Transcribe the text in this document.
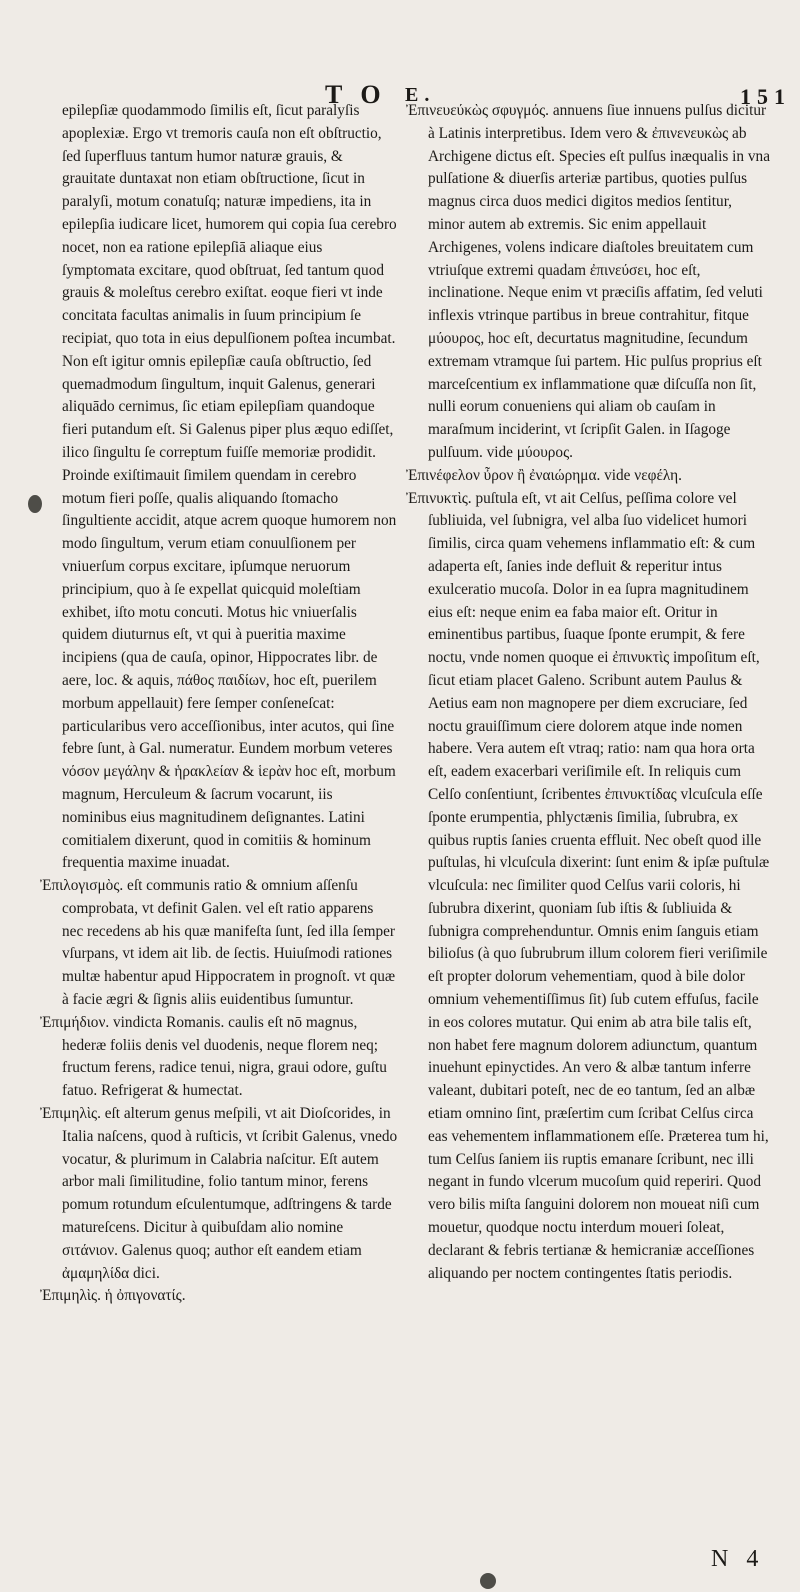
T O E.	151

epilepſiæ quodammodo ſimilis eſt, ſicut paralyſis apoplexiæ. Ergo vt tremoris cauſa non eſt obſtructio, ſed ſuperfluus tantum humor naturæ grauis, & grauitate duntaxat non etiam obſtructione, ſicut in paralyſi, motum conatuſq; naturæ impediens, ita in epilepſia iudicare licet, humorem qui copia ſua cerebro nocet, non ea ratione epilepſiā aliaque eius ſymptomata excitare, quod obſtruat, ſed tantum quod grauis & moleſtus cerebro exiſtat. eoque fieri vt inde concitata facultas animalis in ſuum principium ſe recipiat, quo tota in eius depulſionem poſtea incumbat. Non eſt igitur omnis epilepſiæ cauſa obſtructio, ſed quemadmodum ſingultum, inquit Galenus, generari aliquādo cernimus, ſic etiam epilepſiam quandoque fieri putandum eſt. Si Galenus piper plus æquo ediſſet, ilico ſingultu ſe correptum fuiſſe memoriæ prodidit. Proinde exiſtimauit ſimilem quendam in cerebro motum fieri poſſe, qualis aliquando ſtomacho ſingultiente accidit, atque acrem quoque humorem non modo ſingultum, verum etiam conuulſionem per vniuerſum corpus excitare, ipſumque neruorum principium, quo à ſe expellat quicquid moleſtiam exhibet, iſto motu concuti. Motus hic vniuerſalis quidem diuturnus eſt, vt qui à pueritia maxime incipiens (qua de cauſa, opinor, Hippocrates libr. de aere, loc. & aquis, πάθος παιδίων, hoc eſt, puerilem morbum appellauit) fere ſemper conſeneſcat: particularibus vero acceſſionibus, inter acutos, qui ſine febre ſunt, à Gal. numeratur. Eundem morbum veteres νόσον μεγάλην & ἡρακλείαν & ἱερὰν hoc eſt, morbum magnum, Herculeum & ſacrum vocarunt, iis nominibus eius magnitudinem deſignantes. Latini comitialem dixerunt, quod in comitiis & hominum frequentia maxime inuadat.

Ἐπιλογισμὸς. eſt communis ratio & omnium aſſenſu comprobata, vt definit Galen. vel eſt ratio apparens nec recedens ab his quæ manifeſta ſunt, ſed illa ſemper vſurpans, vt idem ait lib. de ſectis. Huiuſmodi rationes multæ habentur apud Hippocratem in prognoſt. vt quæ à facie ægri & ſignis aliis euidentibus ſumuntur.

Ἐπιμήδιον. vindicta Romanis. caulis eſt nō magnus, hederæ foliis denis vel duodenis, neque florem neq; fructum ferens, radice tenui, nigra, graui odore, guſtu fatuo. Refrigerat & humectat.

Ἐπιμηλὶς. eſt alterum genus meſpili, vt ait Dioſcorides, in Italia naſcens, quod à ruſticis, vt ſcribit Galenus, vnedo vocatur, & plurimum in Calabria naſcitur. Eſt autem arbor mali ſimilitudine, folio tantum minor, ferens pomum rotundum eſculentumque, adſtringens & tarde matureſcens. Dicitur à quibuſdam alio nomine σιτάνιον. Galenus quoq; author eſt eandem etiam ἀμαμηλίδα dici.

Ἐπιμηλὶς. ἡ ὀπιγονατίς.

Ἐπινευεύκὼς σφυγμός. annuens ſiue innuens pulſus dicitur à Latinis interpretibus. Idem vero & ἐπινενευκὼς ab Archigene dictus eſt. Species eſt pulſus inæqualis in vna pulſatione & diuerſis arteriæ partibus, quoties pulſus magnus circa duos medici digitos medios ſentitur, minor autem ab extremis. Sic enim appellauit Archigenes, volens indicare diaſtoles breuitatem cum vtriuſque extremi quadam ἐπινεύσει, hoc eſt, inclinatione. Neque enim vt præciſis affatim, ſed veluti inflexis vtrinque partibus in breue contrahitur, fitque μύουρος, hoc eſt, decurtatus magnitudine, ſecundum extremam vtramque ſui partem. Hic pulſus proprius eſt marceſcentium ex inflammatione quæ diſcuſſa non ſit, nulli eorum conueniens qui aliam ob cauſam in maraſmum inciderint, vt ſcripſit Galen. in Iſagoge pulſuum. vide μύουρος.

Ἐπινέφελον ὖρον ἢ ἐναιώρημα. vide νεφέλη.

Ἐπινυκτὶς. puſtula eſt, vt ait Celſus, peſſima colore vel ſubliuida, vel ſubnigra, vel alba ſuo videlicet humori ſimilis, circa quam vehemens inflammatio eſt: & cum adaperta eſt, ſanies inde defluit & reperitur intus exulceratio mucoſa. Dolor in ea ſupra magnitudinem eius eſt: neque enim ea faba maior eſt. Oritur in eminentibus partibus, ſuaque ſponte erumpit, & fere noctu, vnde nomen quoque ei ἐπινυκτὶς impoſitum eſt, ſicut etiam placet Galeno. Scribunt autem Paulus & Aetius eam non magnopere per diem excruciare, ſed noctu grauiſſimum ciere dolorem atque inde nomen habere. Vera autem eſt vtraq; ratio: nam qua hora orta eſt, eadem exacerbari veriſimile eſt. In reliquis cum Celſo conſentiunt, ſcribentes ἐπινυκτίδας vlcuſcula eſſe ſponte erumpentia, phlyctænis ſimilia, ſubrubra, ex quibus ruptis ſanies cruenta effluit. Nec obeſt quod ille puſtulas, hi vlcuſcula dixerint: ſunt enim & ipſæ puſtulæ vlcuſcula: nec ſimiliter quod Celſus varii coloris, hi ſubrubra dixerint, quoniam ſub iſtis & ſubliuida & ſubnigra comprehenduntur. Omnis enim ſanguis etiam bilioſus (à quo ſubrubrum illum colorem fieri veriſimile eſt propter dolorum vehementiam, quod à bile dolor omnium vehementiſſimus ſit) ſub cutem effuſus, facile in eos colores mutatur. Qui enim ab atra bile talis eſt, non habet fere magnum dolorem adiunctum, quantum inuehunt epinyctides. An vero & albæ tantum inferre valeant, dubitari poteſt, nec de eo tantum, ſed an albæ etiam omnino ſint, præſertim cum ſcribat Celſus circa eas vehementem inflammationem eſſe. Præterea tum hi, tum Celſus ſaniem iis ruptis emanare ſcribunt, nec illi negant in fundo vlcerum mucoſum quid reperiri. Quod vero bilis miſta ſanguini dolorem non moueat niſi cum mouetur, quodque noctu interdum moueri ſoleat, declarant & febris tertianæ & hemicraniæ acceſſiones aliquando per noctem contingentes ſtatis periodis.

N 4
